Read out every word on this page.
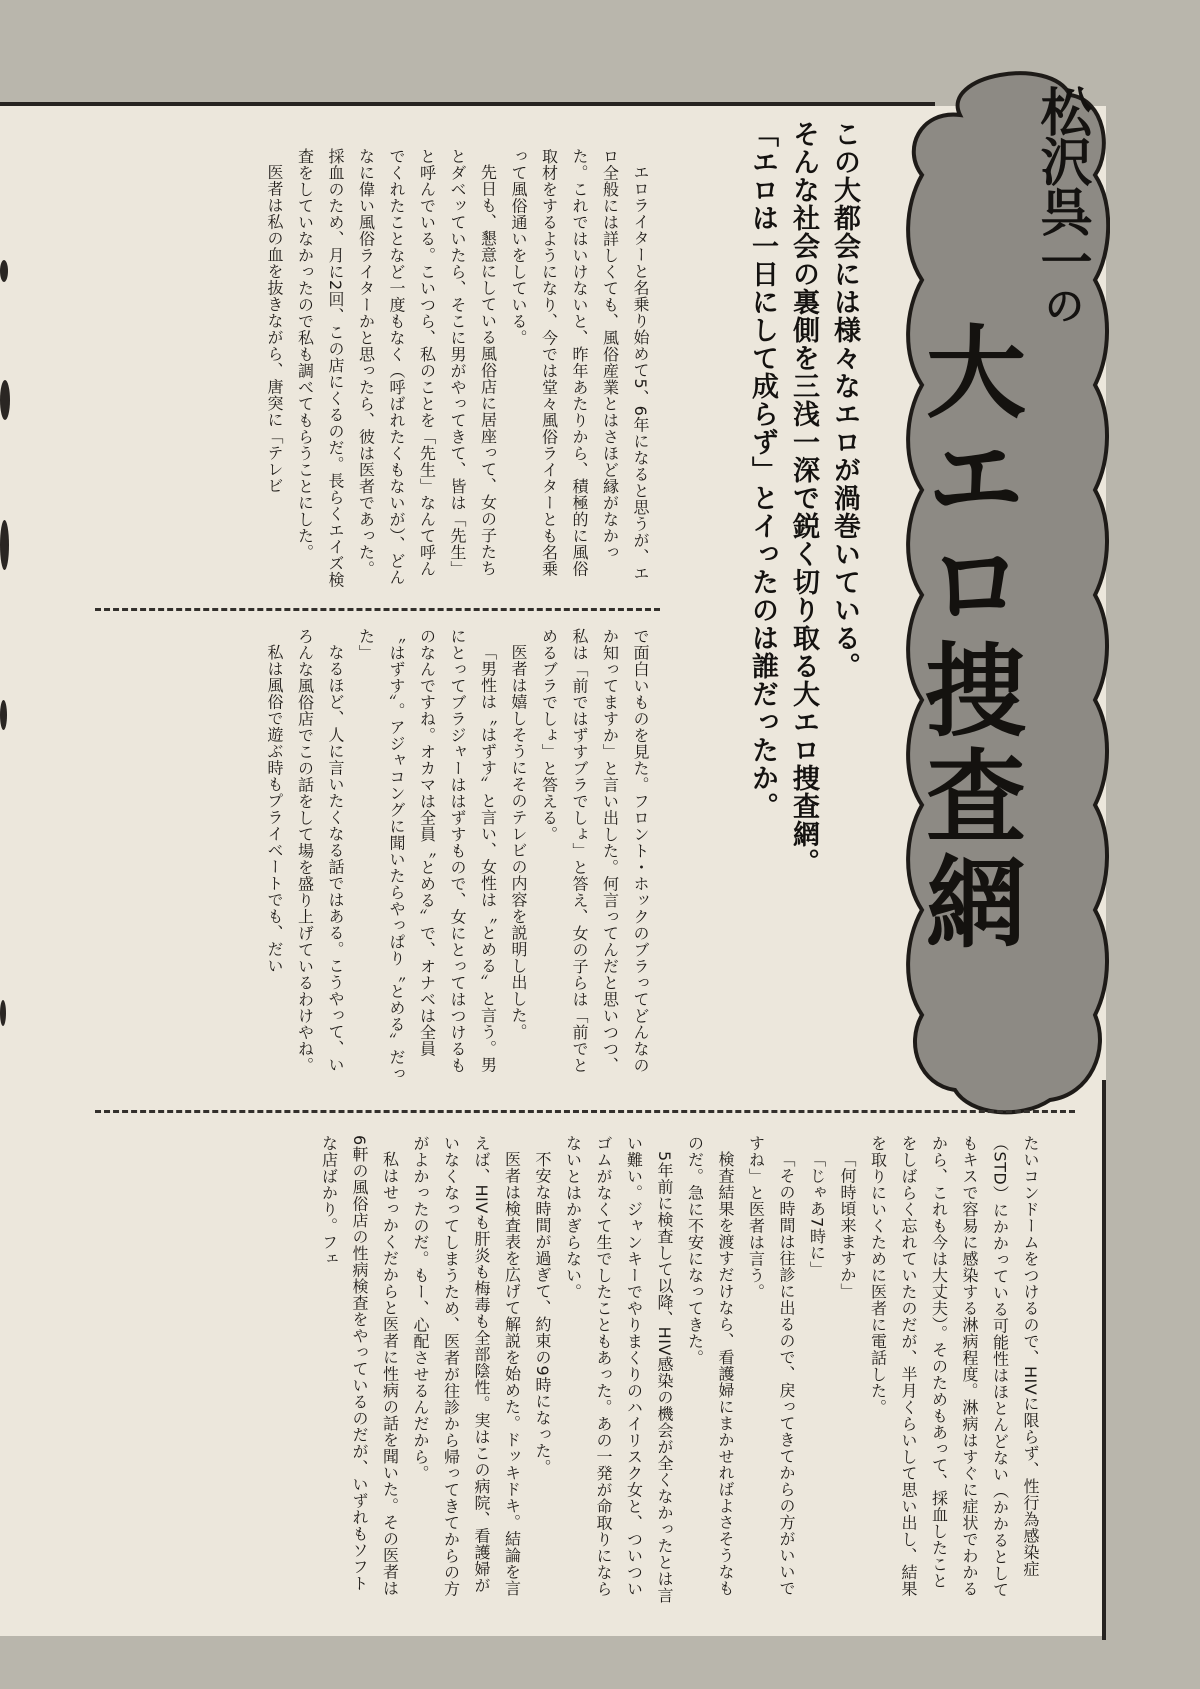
松沢呉一の
大エロ捜査網

この大都会には様々なエロが渦巻いている。

そんな社会の裏側を三浅一深で鋭く切り取る大エロ捜査網。

「エロは一日にして成らず」とイったのは誰だったか。

エロライターと名乗り始めて5、6年になると思うが、エロ全般には詳しくても、風俗産業とはさほど縁がなかった。これではいけないと、昨年あたりから、積極的に風俗取材をするようになり、今では堂々風俗ライターとも名乗って風俗通いをしている。

先日も、懇意にしている風俗店に居座って、女の子たちとダベッていたら、そこに男がやってきて、皆は「先生」と呼んでいる。こいつら、私のことを「先生」なんて呼んでくれたことなど一度もなく（呼ばれたくもないが）、どんなに偉い風俗ライターかと思ったら、彼は医者であった。採血のため、月に2回、この店にくるのだ。長らくエイズ検査をしていなかったので私も調べてもらうことにした。

医者は私の血を抜きながら、唐突に「テレビ

で面白いものを見た。フロント・ホックのブラってどんなのか知ってますか」と言い出した。何言ってんだと思いつつ、私は「前ではずすブラでしょ」と答え、女の子らは「前でとめるブラでしょ」と答える。

医者は嬉しそうにそのテレビの内容を説明し出した。

「男性は〝はずす〟と言い、女性は〝とめる〟と言う。男にとってブラジャーははずすもので、女にとってはつけるものなんですね。オカマは全員〝とめる〟で、オナベは全員〝はずす〟。アジャコングに聞いたらやっぱり〝とめる〟だった」

なるほど、人に言いたくなる話ではある。こうやって、いろんな風俗店でこの話をして場を盛り上げているわけやね。

私は風俗で遊ぶ時もプライベートでも、だい

たいコンドームをつけるので、HIVに限らず、性行為感染症（STD）にかかっている可能性はほとんどない（かかるとしてもキスで容易に感染する淋病程度。淋病はすぐに症状でわかるから、これも今は大丈夫）。そのためもあって、採血したことをしばらく忘れていたのだが、半月くらいして思い出し、結果を取りにいくために医者に電話した。

「何時頃来ますか」

「じゃあ7時に」

「その時間は往診に出るので、戻ってきてからの方がいいですね」と医者は言う。

検査結果を渡すだけなら、看護婦にまかせればよさそうなものだ。急に不安になってきた。

5年前に検査して以降、HIV感染の機会が全くなかったとは言い難い。ジャンキーでやりまくりのハイリスク女と、ついついゴムがなくて生でしたこともあった。あの一発が命取りにならないとはかぎらない。

不安な時間が過ぎて、約束の9時になった。

医者は検査表を広げて解説を始めた。ドッキドキ。結論を言えば、HIVも肝炎も梅毒も全部陰性。実はこの病院、看護婦がいなくなってしまうため、医者が往診から帰ってきてからの方がよかったのだ。もー、心配させるんだから。

私はせっかくだからと医者に性病の話を聞いた。その医者は6軒の風俗店の性病検査をやっているのだが、いずれもソフトな店ばかり。フェ
